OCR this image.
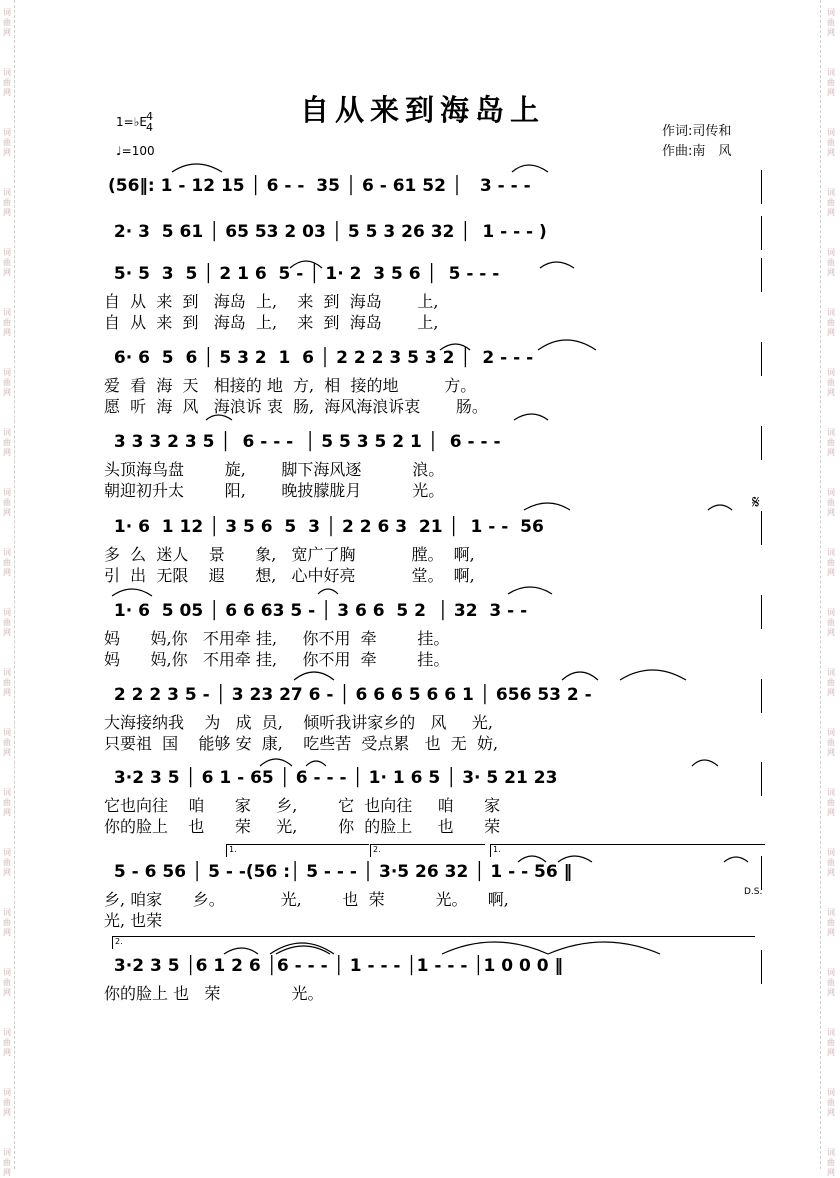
词
曲
网
词
曲
网
词
曲
网
词
曲
网
词
曲
网
词
曲
网
词
曲
网
词
曲
网
词
曲
网
词
曲
网
词
曲
网
词
曲
网
词
曲
网
词
曲
网
词
曲
网
词
曲
网
词
曲
网
词
曲
网
词
曲
网
词
曲
网
词
曲
网
词
曲
网
词
曲
网
词
曲
网
词
曲
网
词
曲
网
词
曲
网
词
曲
网
词
曲
网
词
曲
网
词
曲
网
词
曲
网
词
曲
网
词
曲
网
词
曲
网
词
曲
网
词
曲
网
词
曲
网
词
曲
网
词
曲
网
自从来到海岛上
1=♭E 4
4
♩=100
作词:司传和
作曲:南　风
(56‖: 1 - 12 15 │ 6 - -  35 │ 6 - 61 52 │   3 - - -
2· 3  5 61 │ 65 53 2 03 │ 5 5 3 26 32 │  1 - - - )
5· 5  3  5 │ 2 1 6  5 - │ 1· 2  3 5 6 │  5 - - -
自  从  来  到   海岛  上,    来  到  海岛       上,
自  从  来  到   海岛  上,    来  到  海岛       上,
6· 6  5  6 │ 5 3 2  1  6 │ 2 2 2 3 5 3 2 │  2 - - -
爱  看  海  天   相接的 地  方,  相  接的地         方。
愿  听  海  风   海浪诉 衷  肠,  海风海浪诉衷       肠。
3 3 3 2 3 5 │  6 - - -  │ 5 5 3 5 2 1 │  6 - - -
头顶海鸟盘        旋,       脚下海风逐          浪。
朝迎初升太        阳,       晚披朦胧月          光。
1· 6  1 12 │ 3 5 6  5  3 │ 2 2 6 3  21 │  1 - -  56
多  么  迷人    景      象,   宽广了胸           膛。  啊,
引  出  无限    遐      想,   心中好亮           堂。  啊,
1· 6  5 05 │ 6 6 63 5 - │ 3 6 6  5 2  │ 32  3 - -
妈      妈,你   不用牵 挂,     你不用  牵        挂。
妈      妈,你   不用牵 挂,     你不用  牵        挂。
2 2 2 3 5 - │ 3 23 27 6 - │ 6 6 6 5 6 6 1 │ 656 53 2 -
大海接纳我    为   成  员,    倾听我讲家乡的   风     光,
只要祖  国    能够 安  康,    吃些苦  受点累   也  无  妨,
3·2 3 5 │ 6 1 - 65 │ 6 - - - │ 1· 1 6 5 │ 3· 5 21 23
它也向往    咱      家     乡,        它  也向往     咱      家
你的脸上    也      荣     光,        你  的脸上     也      荣
5 - 6 56 │ 5 - -(56 :│ 5 - - - │ 3·5 26 32 │ 1 - - 56 ‖
乡, 咱家      乡。           光,        也  荣          光。    啊,
光, 也荣
3·2 3 5 │6 1 2 6 │6 - - - │ 1 - - - │1 - - - │1 0 0 0 ‖
你的脸上 也   荣              光。
𝄋
D.S.
1.	2.	1.
2.
